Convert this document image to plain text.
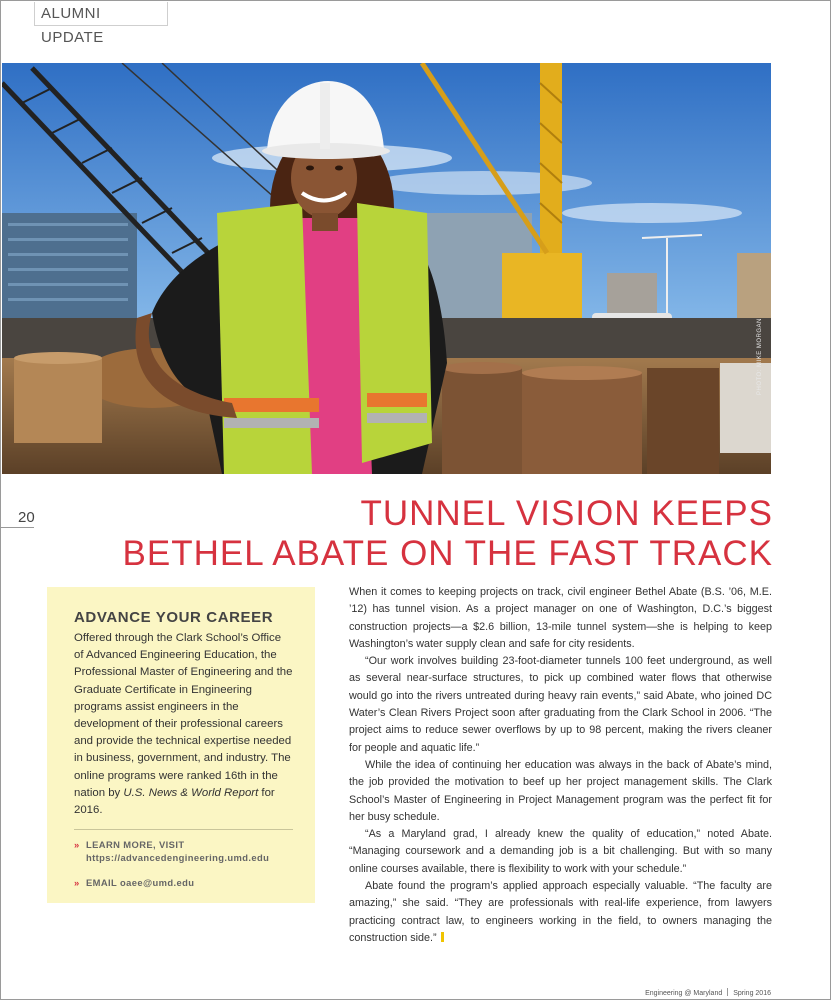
ALUMNI UPDATE
PHOTO: MIKE MORGAN
20	TUNNEL VISION KEEPS
BETHEL ABATE ON THE FAST TRACK
ADVANCE YOUR CAREER

Offered through the Clark School’s Office of Advanced Engineering Education, the Professional Master of Engineering and the Graduate Certificate in Engineering programs assist engineers in the development of their professional careers and provide the technical expertise needed in business, government, and industry. The online programs were ranked 16th in the nation by U.S. News & World Report for 2016.

» LEARN MORE, VISIT
https://advancedengineering.umd.edu
» EMAIL oaee@umd.edu

When it comes to keeping projects on track, civil engineer Bethel Abate (B.S. ’06, M.E. ’12) has tunnel vision. As a project manager on one of Washington, D.C.’s biggest construction projects—a $2.6 billion, 13-mile tunnel system—she is helping to keep Washington’s water supply clean and safe for city residents.

“Our work involves building 23-foot-diameter tunnels 100 feet underground, as well as several near-surface structures, to pick up combined water flows that otherwise would go into the rivers untreated during heavy rain events,” said Abate, who joined DC Water’s Clean Rivers Project soon after graduating from the Clark School in 2006. “The project aims to reduce sewer overflows by up to 98 percent, making the rivers cleaner for people and aquatic life.”

While the idea of continuing her education was always in the back of Abate’s mind, the job provided the motivation to beef up her project management skills. The Clark School’s Master of Engineering in Project Management program was the perfect fit for her busy schedule.

“As a Maryland grad, I already knew the quality of education,” noted Abate. “Managing coursework and a demanding job is a bit challenging. But with so many online courses available, there is flexibility to work with your schedule.”

Abate found the program’s applied approach especially valuable. “The faculty are amazing,” she said. “They are professionals with real-life experience, from lawyers practicing contract law, to engineers working in the field, to owners managing the construction side.”

Engineering @ Maryland Spring 2016
